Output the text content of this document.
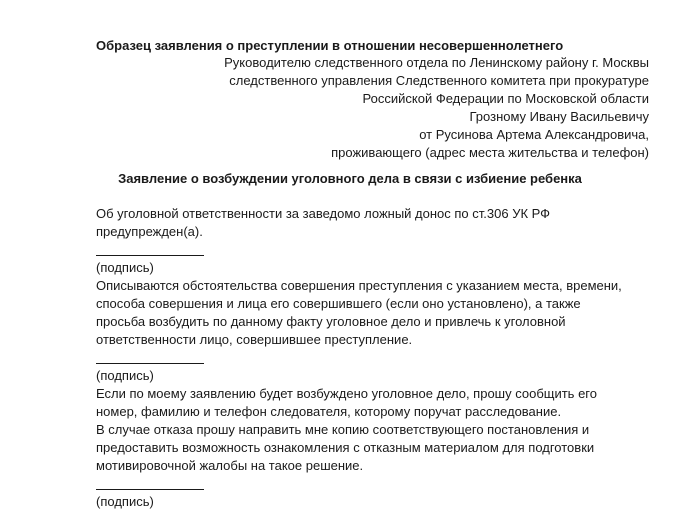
Образец заявления о преступлении в отношении несовершеннолетнего
Руководителю следственного отдела по Ленинскому району г. Москвы
следственного управления Следственного комитета при прокуратуре
Российской Федерации по Московской области
Грозному Ивану Васильевичу
от Русинова Артема Александровича,
проживающего (адрес места жительства и телефон)
Заявление о возбуждении уголовного дела в связи с избиение ребенка
Об уголовной ответственности за заведомо ложный донос по ст.306 УК РФ
предупрежден(а).
(подпись)
Описываются обстоятельства совершения преступления с указанием места, времени,
способа совершения и лица его совершившего (если оно установлено), а также
просьба возбудить по данному факту уголовное дело и привлечь к уголовной
ответственности лицо, совершившее преступление.
(подпись)
Если по моему заявлению будет возбуждено уголовное дело, прошу сообщить его
номер, фамилию и телефон следователя, которому поручат расследование.
В случае отказа прошу направить мне копию соответствующего постановления и
предоставить возможность ознакомления с отказным материалом для подготовки
мотивировочной жалобы на такое решение.
(подпись)
